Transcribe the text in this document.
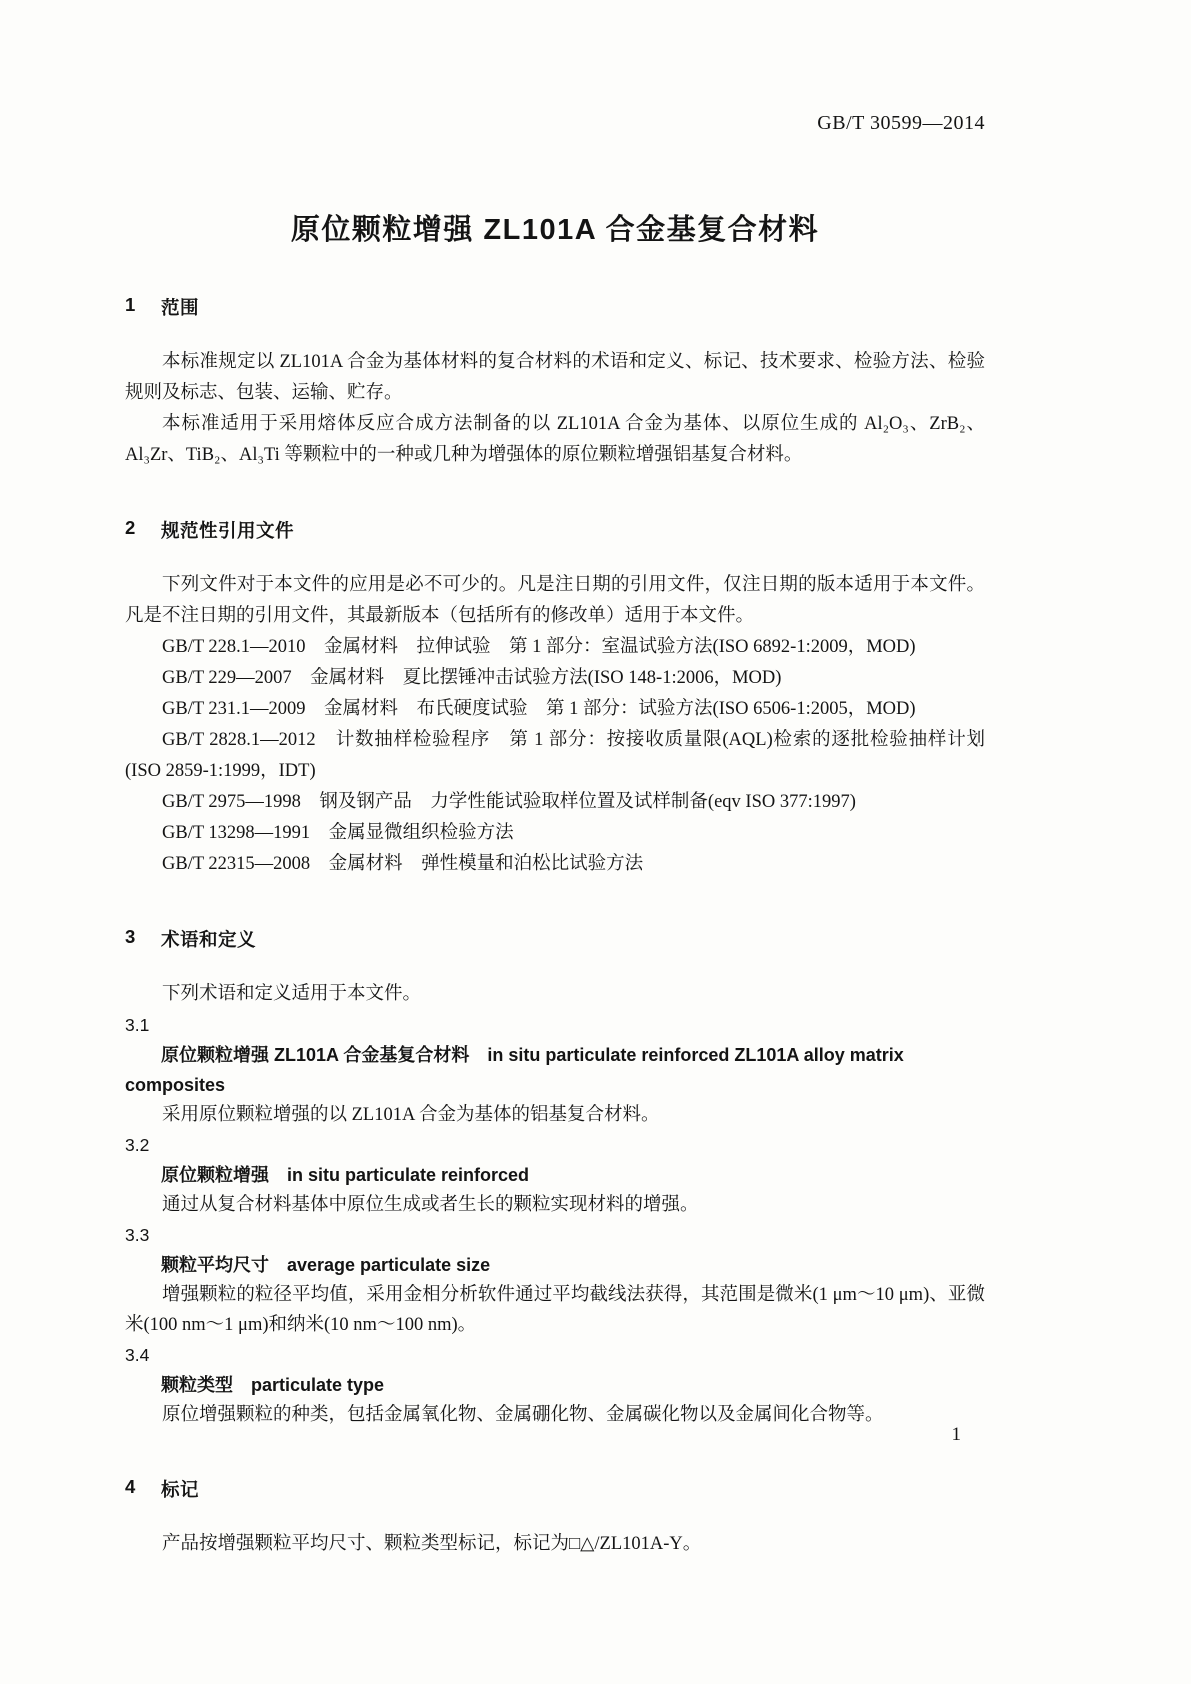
GB/T 30599—2014
原位颗粒增强 ZL101A 合金基复合材料
1	范围

本标准规定以 ZL101A 合金为基体材料的复合材料的术语和定义、标记、技术要求、检验方法、检验规则及标志、包装、运输、贮存。

本标准适用于采用熔体反应合成方法制备的以 ZL101A 合金为基体、以原位生成的 Al₂O₃、ZrB₂、Al₃Zr、TiB₂、Al₃Ti 等颗粒中的一种或几种为增强体的原位颗粒增强铝基复合材料。

2	规范性引用文件

下列文件对于本文件的应用是必不可少的。凡是注日期的引用文件，仅注日期的版本适用于本文件。凡是不注日期的引用文件，其最新版本（包括所有的修改单）适用于本文件。

GB/T 228.1—2010　金属材料　拉伸试验　第 1 部分：室温试验方法(ISO 6892-1:2009，MOD)

GB/T 229—2007　金属材料　夏比摆锤冲击试验方法(ISO 148-1:2006，MOD)

GB/T 231.1—2009　金属材料　布氏硬度试验　第 1 部分：试验方法(ISO 6506-1:2005，MOD)

GB/T 2828.1—2012　计数抽样检验程序　第 1 部分：按接收质量限(AQL)检索的逐批检验抽样计划(ISO 2859-1:1999，IDT)

GB/T 2975—1998　钢及钢产品　力学性能试验取样位置及试样制备(eqv ISO 377:1997)

GB/T 13298—1991　金属显微组织检验方法

GB/T 22315—2008　金属材料　弹性模量和泊松比试验方法

3	术语和定义

下列术语和定义适用于本文件。

3.1

原位颗粒增强 ZL101A 合金基复合材料　in situ particulate reinforced ZL101A alloy matrix composites

采用原位颗粒增强的以 ZL101A 合金为基体的铝基复合材料。

3.2

原位颗粒增强　in situ particulate reinforced

通过从复合材料基体中原位生成或者生长的颗粒实现材料的增强。

3.3

颗粒平均尺寸　average particulate size

增强颗粒的粒径平均值，采用金相分析软件通过平均截线法获得，其范围是微米(1 μm～10 μm)、亚微米(100 nm～1 μm)和纳米(10 nm～100 nm)。

3.4

颗粒类型　particulate type

原位增强颗粒的种类，包括金属氧化物、金属硼化物、金属碳化物以及金属间化合物等。

4	标记

产品按增强颗粒平均尺寸、颗粒类型标记，标记为□△/ZL101A-Y。

1
